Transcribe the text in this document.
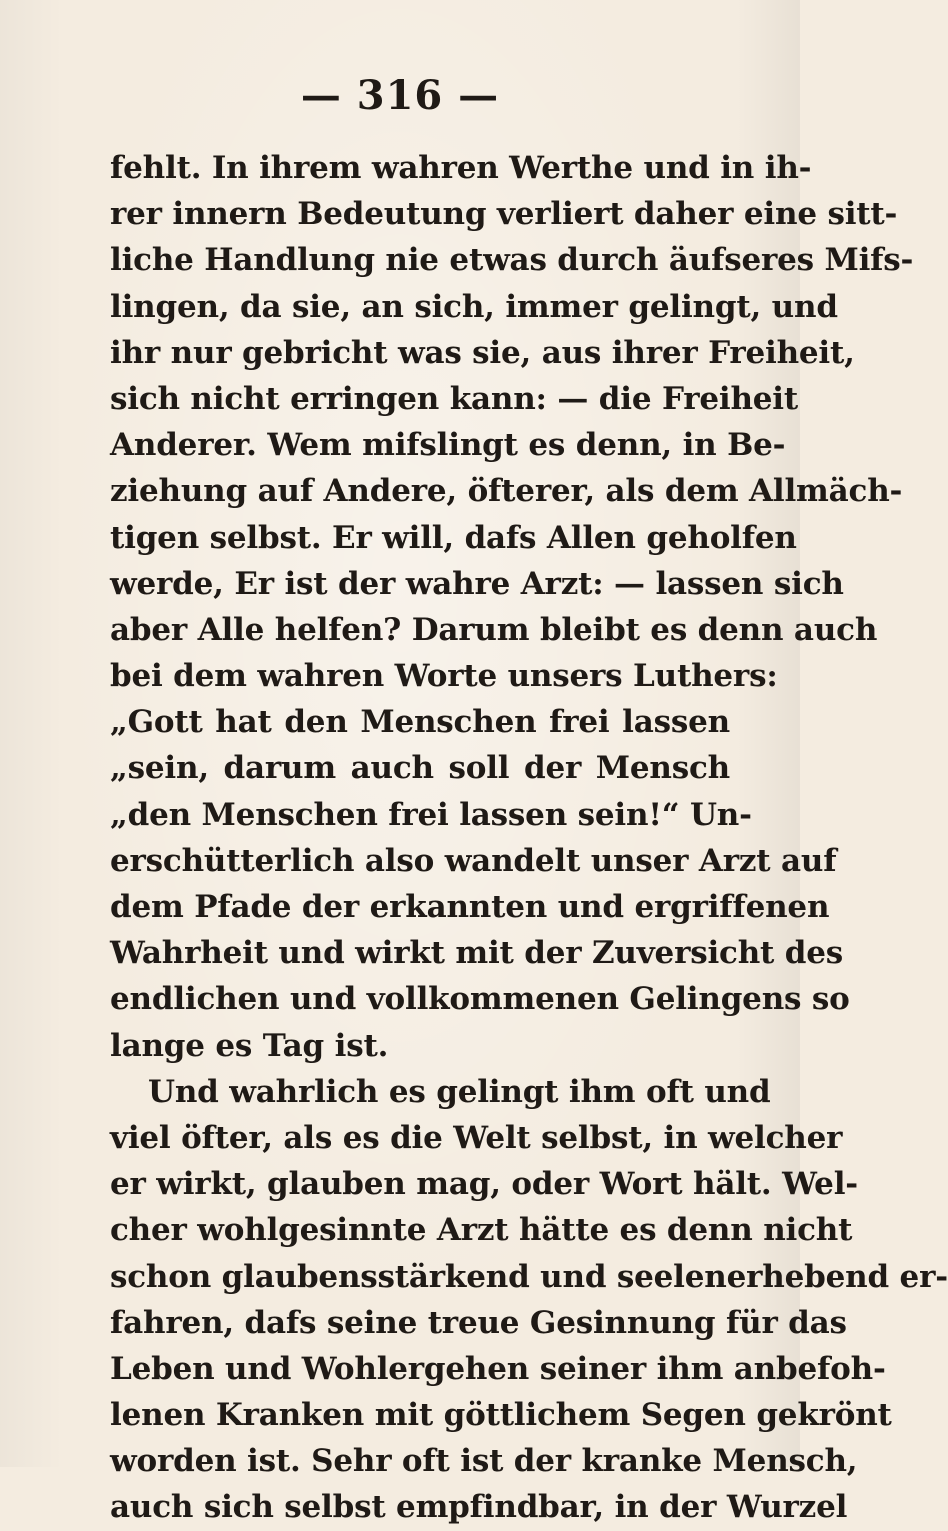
— 316 —
fehlt. In ihrem wahren Werthe und in ih-
rer innern Bedeutung verliert daher eine sitt-
liche Handlung nie etwas durch äufseres Mifs-
lingen, da sie, an sich, immer gelingt, und
ihr nur gebricht was sie, aus ihrer Freiheit,
sich nicht erringen kann: — die Freiheit
Anderer. Wem mifslingt es denn, in Be-
ziehung auf Andere, öfterer, als dem Allmäch-
tigen selbst. Er will, dafs Allen geholfen
werde, Er ist der wahre Arzt: — lassen sich
aber Alle helfen? Darum bleibt es denn auch
bei dem wahren Worte unsers Luthers:
„Gott hat den Menschen frei lassen
„sein, darum auch soll der Mensch
„den Menschen frei lassen sein!“ Un-
erschütterlich also wandelt unser Arzt auf
dem Pfade der erkannten und ergriffenen
Wahrheit und wirkt mit der Zuversicht des
endlichen und vollkommenen Gelingens so
lange es Tag ist.
Und wahrlich es gelingt ihm oft und
viel öfter, als es die Welt selbst, in welcher
er wirkt, glauben mag, oder Wort hält. Wel-
cher wohlgesinnte Arzt hätte es denn nicht
schon glaubensstärkend und seelenerhebend er-
fahren, dafs seine treue Gesinnung für das
Leben und Wohlergehen seiner ihm anbefoh-
lenen Kranken mit göttlichem Segen gekrönt
worden ist. Sehr oft ist der kranke Mensch,
auch sich selbst empfindbar, in der Wurzel
